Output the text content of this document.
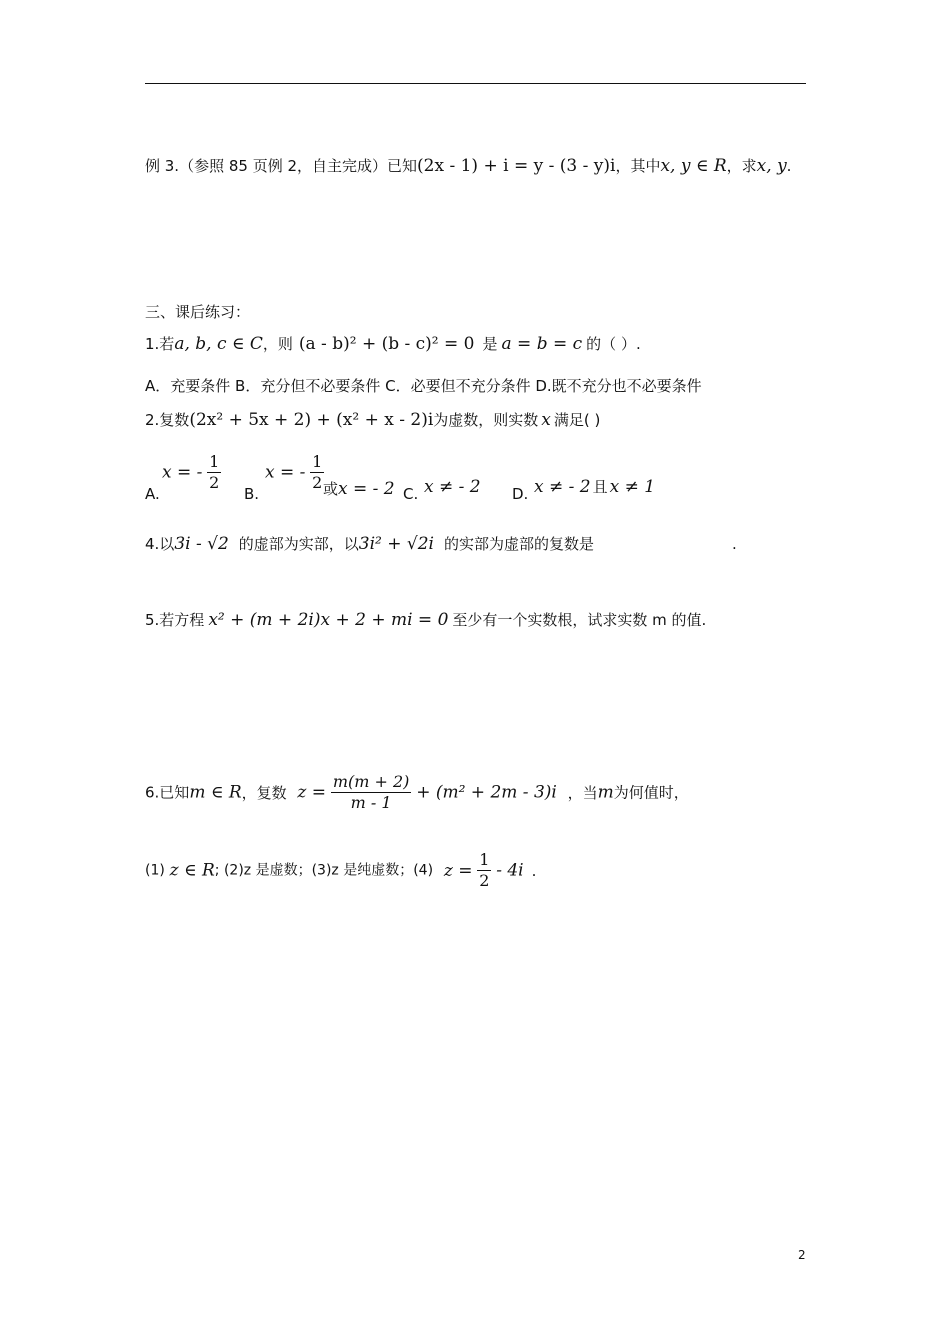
例 3.（参照 85 页例 2，自主完成）已知(2x - 1) + i = y - (3 - y)i，其中x, y ∈ R，求x, y.
三、课后练习：
1.若a, b, c ∈ C，则 (a - b)² + (b - c)² = 0 是 a = b = c 的（ ）.
A．充要条件 B．充分但不必要条件 C．必要但不充分条件 D.既不充分也不必要条件
2.复数(2x² + 5x + 2) + (x² + x - 2)i为虚数，则实数 x 满足( )
A.
x = - $\frac{1}{2}$
B.
x = - $\frac{1}{2}$
或x = - 2 C. x ≠ - 2 D. x ≠ - 2 且 x ≠ 1
4.以3i - √2 的虚部为实部，以3i² + √2i 的实部为虚部的复数是	.
5.若方程 x² + (m + 2i)x + 2 + mi = 0 至少有一个实数根，试求实数 m 的值.
6.已知m ∈ R，复数 $z = \frac{m(m + 2)}{m - 1} + (m^2 + 2m - 3)i$ ，当m为何值时，
(1) z ∈ R; (2)z 是虚数；(3)z 是纯虚数；(4) $z = \frac{1}{2} - 4i$ .
2
